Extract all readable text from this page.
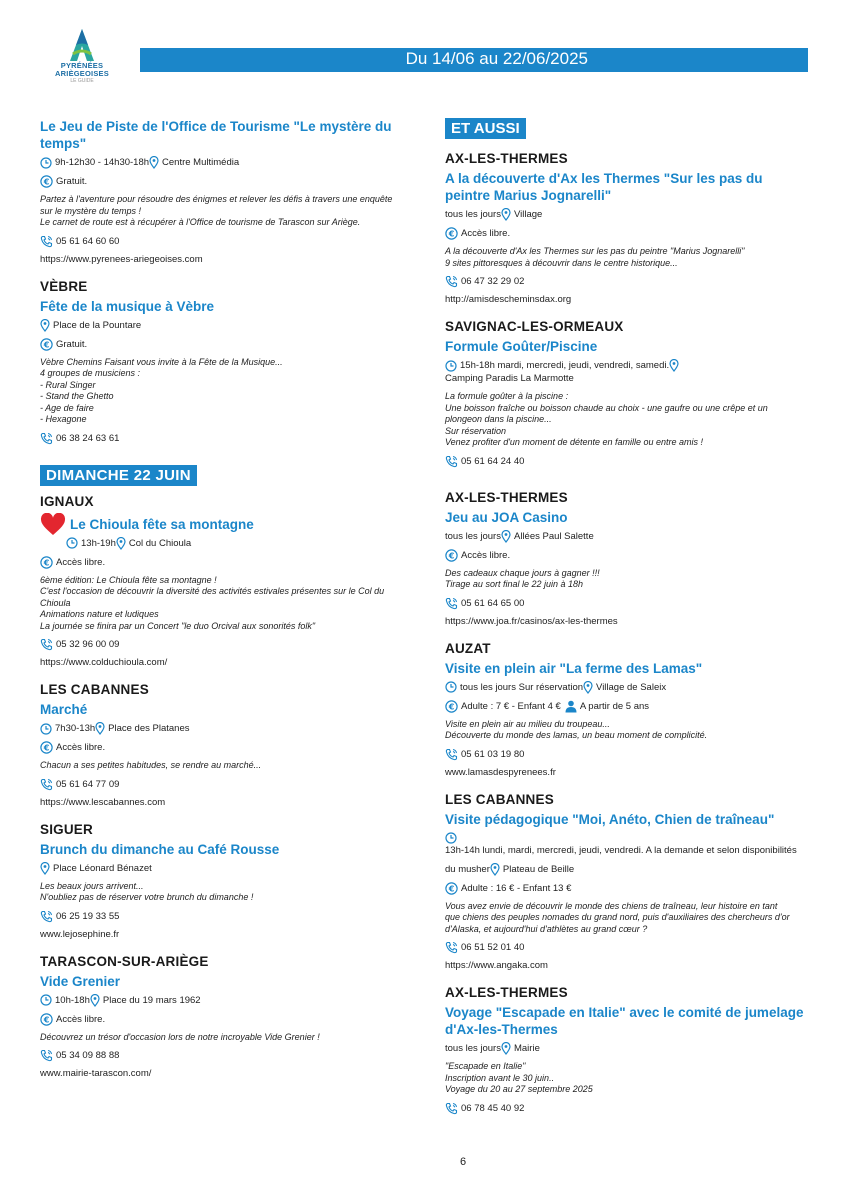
PYRÉNÉES
ARIÈGEOISES
LE GUIDE
Du 14/06 au 22/06/2025
Le Jeu de Piste de l'Office de Tourisme "Le mystère du temps"
9h-12h30 - 14h30-18h Centre Multimédia
€ Gratuit.
Partez à l'aventure pour résoudre des énigmes et relever les défis à travers une enquête
sur le mystère du temps !
Le carnet de route est à récupérer à l'Office de tourisme de Tarascon sur Ariège.
05 61 64 60 60
https://www.pyrenees-ariegeoises.com
VÈBRE
Fête de la musique à Vèbre
Place de la Pountare
€ Gratuit.
Vèbre Chemins Faisant vous invite à la Fête de la Musique...
4 groupes de musiciens :
- Rural Singer
- Stand the Ghetto
- Age de faire
- Hexagone
06 38 24 63 61
DIMANCHE 22 JUIN
IGNAUX
Le Chioula fête sa montagne
13h-19h Col du Chioula
€ Accès libre.
6ème édition: Le Chioula fête sa montagne !
C'est l'occasion de découvrir la diversité des activités estivales présentes sur le Col du
Chioula
Animations nature et ludiques
La journée se finira par un Concert "le duo Orcival aux sonorités folk"
05 32 96 00 09
https://www.colduchioula.com/
LES CABANNES
Marché
7h30-13h Place des Platanes
€ Accès libre.
Chacun a ses petites habitudes, se rendre au marché...
05 61 64 77 09
https://www.lescabannes.com
SIGUER
Brunch du dimanche au Café Rousse
Place Léonard Bénazet
Les beaux jours arrivent...
N'oubliez pas de réserver votre brunch du dimanche !
06 25 19 33 55
www.lejosephine.fr
TARASCON-SUR-ARIÈGE
Vide Grenier
10h-18h Place du 19 mars 1962
€ Accès libre.
Découvrez un trésor d'occasion lors de notre incroyable Vide Grenier !
05 34 09 88 88
www.mairie-tarascon.com/
ET AUSSI
AX-LES-THERMES
A la découverte d'Ax les Thermes "Sur les pas du peintre Marius Jognarelli"
tous les jours Village
€ Accès libre.
A la découverte d'Ax les Thermes sur les pas du peintre "Marius Jognarelli"
9 sites pittoresques à découvrir dans le centre historique...
06 47 32 29 02
http://amisdescheminsdax.org
SAVIGNAC-LES-ORMEAUX
Formule Goûter/Piscine
15h-18h mardi, mercredi, jeudi, vendredi, samedi.
Camping Paradis La Marmotte
La formule goûter à la piscine :
Une boisson fraîche ou boisson chaude au choix - une gaufre ou une crêpe et un
plongeon dans la piscine...
Sur réservation
Venez profiter d'un moment de détente en famille ou entre amis !
05 61 64 24 40
AX-LES-THERMES
Jeu au JOA Casino
tous les jours Allées Paul Salette
€ Accès libre.
Des cadeaux chaque jours à gagner !!!
Tirage au sort final le 22 juin à 18h
05 61 64 65 00
https://www.joa.fr/casinos/ax-les-thermes
AUZAT
Visite en plein air "La ferme des Lamas"
tous les jours Sur réservation Village de Saleix
€ Adulte : 7 € - Enfant 4 € A partir de 5 ans
Visite en plein air au milieu du troupeau...
Découverte du monde des lamas, un beau moment de complicité.
05 61 03 19 80
www.lamasdespyrenees.fr
LES CABANNES
Visite pédagogique "Moi, Anéto, Chien de traîneau"
13h-14h lundi, mardi, mercredi, jeudi, vendredi. A la demande et selon disponibilités
du musher Plateau de Beille
€ Adulte : 16 € - Enfant 13 €
Vous avez envie de découvrir le monde des chiens de traîneau, leur histoire en tant
que chiens des peuples nomades du grand nord, puis d'auxiliaires des chercheurs d'or
d'Alaska, et aujourd'hui d'athlètes au grand cœur ?
06 51 52 01 40
https://www.angaka.com
AX-LES-THERMES
Voyage "Escapade en Italie" avec le comité de jumelage d'Ax-les-Thermes
tous les jours Mairie
"Escapade en Italie"
Inscription avant le 30 juin..
Voyage du 20 au 27 septembre 2025
06 78 45 40 92
6
